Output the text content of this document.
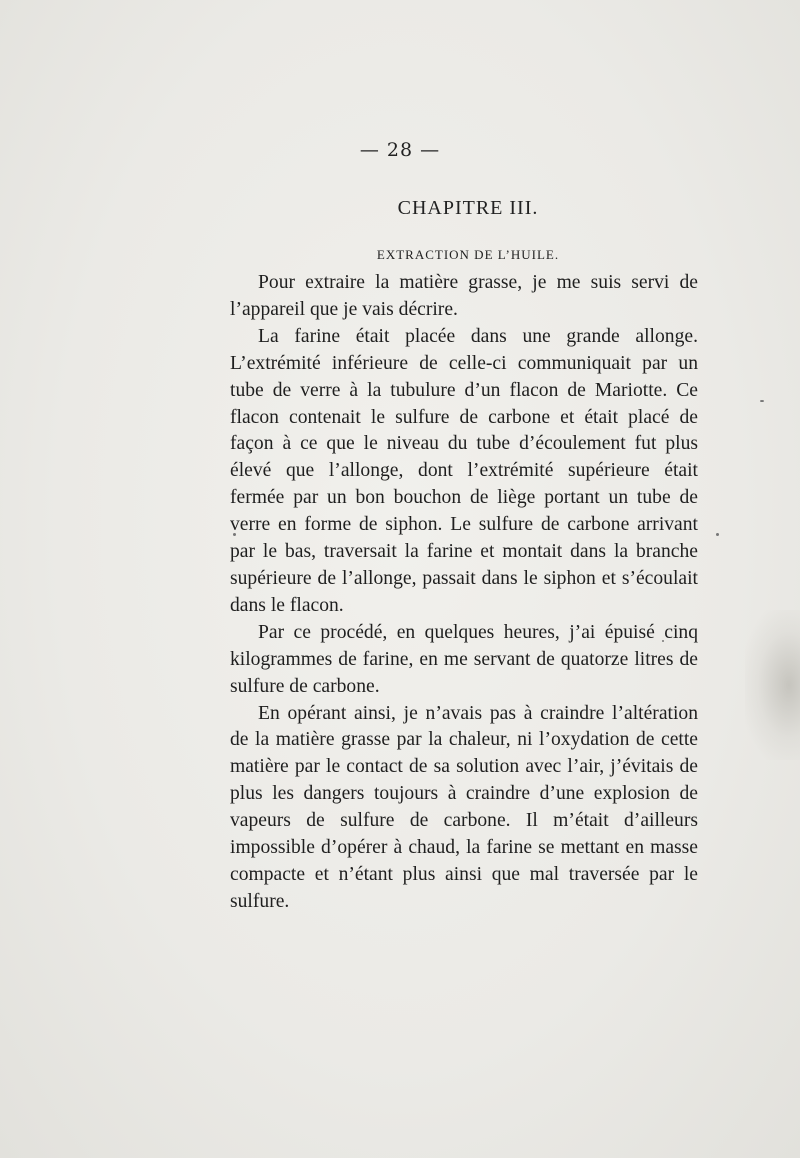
— 28 —
CHAPITRE III.
EXTRACTION DE L’HUILE.

Pour extraire la matière grasse, je me suis servi de l’appareil que je vais décrire.

La farine était placée dans une grande allonge. L’extrémité inférieure de celle-ci communiquait par un tube de verre à la tubulure d’un flacon de Mariotte. Ce flacon contenait le sulfure de carbone et était placé de façon à ce que le niveau du tube d’écoulement fut plus élevé que l’allonge, dont l’extrémité supérieure était fermée par un bon bouchon de liège portant un tube de verre en forme de siphon. Le sulfure de carbone arrivant par le bas, traversait la farine et montait dans la branche supérieure de l’allonge, passait dans le siphon et s’écoulait dans le flacon.

Par ce procédé, en quelques heures, j’ai épuisé cinq kilogrammes de farine, en me servant de quatorze litres de sulfure de carbone.

En opérant ainsi, je n’avais pas à craindre l’altération de la matière grasse par la chaleur, ni l’oxydation de cette matière par le contact de sa solution avec l’air, j’évitais de plus les dangers toujours à craindre d’une explosion de vapeurs de sulfure de carbone. Il m’était d’ailleurs impossible d’opérer à chaud, la farine se mettant en masse compacte et n’étant plus ainsi que mal traversée par le sulfure.
